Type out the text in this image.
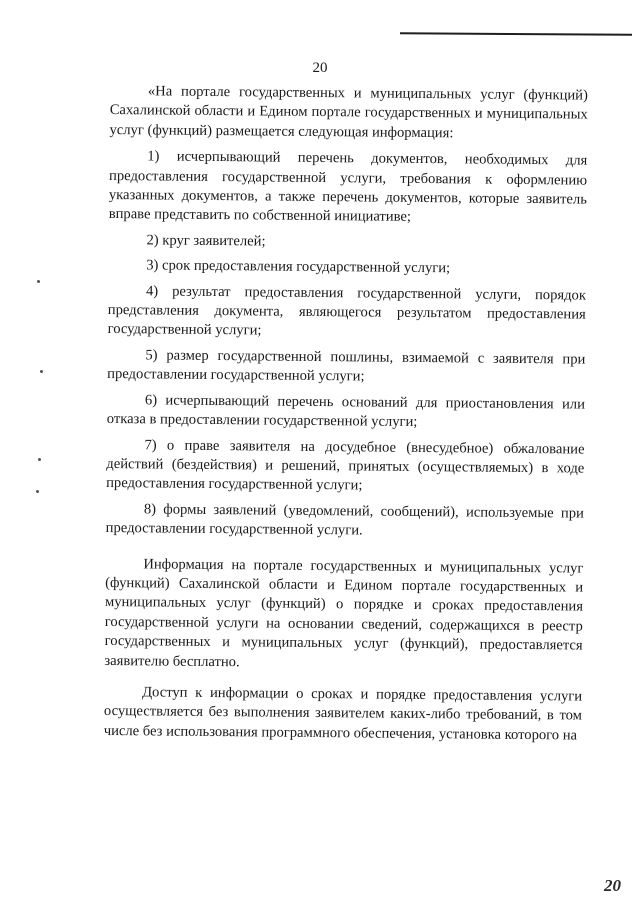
20

«На портале государственных и муниципальных услуг (функций) Сахалинской области и Едином портале государственных и муниципальных услуг (функций) размещается следующая информация:

1) исчерпывающий перечень документов, необходимых для предоставления государственной услуги, требования к оформлению указанных документов, а также перечень документов, которые заявитель вправе представить по собственной инициативе;

2) круг заявителей;

3) срок предоставления государственной услуги;

4) результат предоставления государственной услуги, порядок представления документа, являющегося результатом предоставления государственной услуги;

5) размер государственной пошлины, взимаемой с заявителя при предоставлении государственной услуги;

6) исчерпывающий перечень оснований для приостановления или отказа в предоставлении государственной услуги;

7) о праве заявителя на досудебное (внесудебное) обжалование действий (бездействия) и решений, принятых (осуществляемых) в ходе предоставления государственной услуги;

8) формы заявлений (уведомлений, сообщений), используемые при предоставлении государственной услуги.

Информация на портале государственных и муниципальных услуг (функций) Сахалинской области и Едином портале государственных и муниципальных услуг (функций) о порядке и сроках предоставления государственной услуги на основании сведений, содержащихся в реестр государственных и муниципальных услуг (функций), предоставляется заявителю бесплатно.

Доступ к информации о сроках и порядке предоставления услуги осуществляется без выполнения заявителем каких-либо требований, в том числе без использования программного обеспечения, установка которого на

20
